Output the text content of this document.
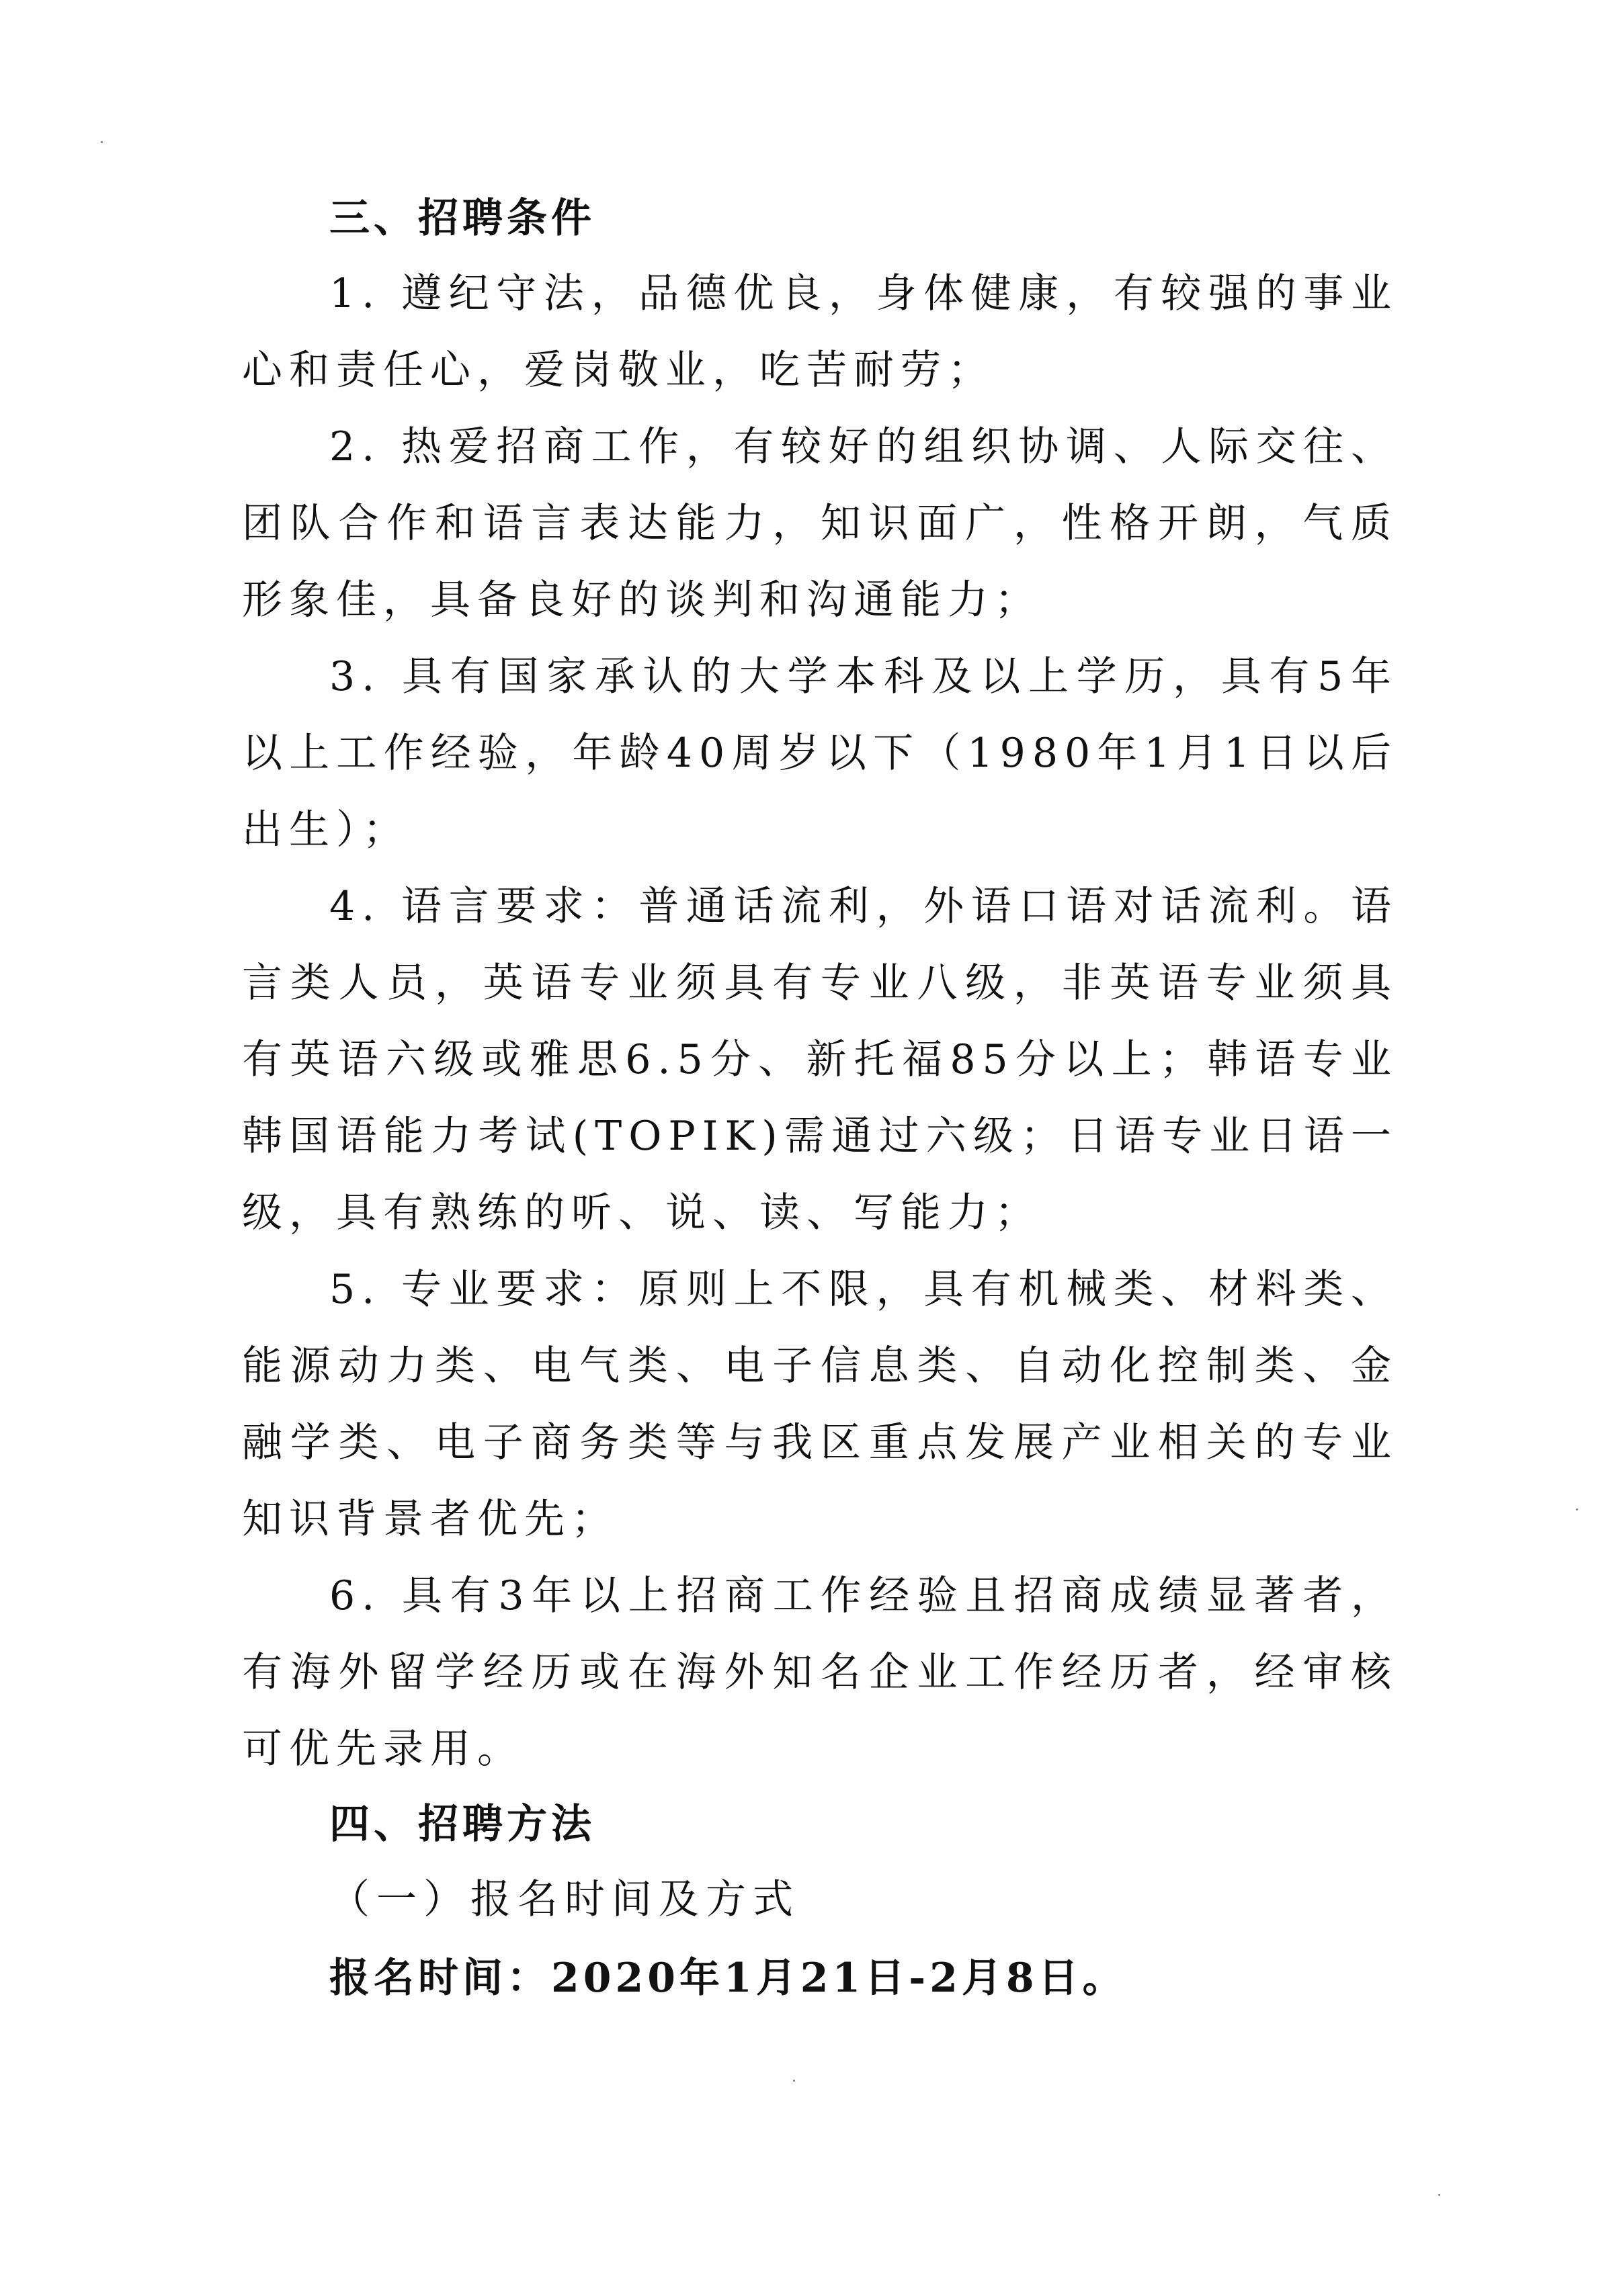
三、招聘条件

1. 遵纪守法，品德优良，身体健康，有较强的事业心和责任心，爱岗敬业，吃苦耐劳；

2. 热爱招商工作，有较好的组织协调、人际交往、团队合作和语言表达能力，知识面广，性格开朗，气质形象佳，具备良好的谈判和沟通能力；

3. 具有国家承认的大学本科及以上学历，具有5年以上工作经验，年龄40周岁以下（1980年1月1日以后出生）；

4. 语言要求：普通话流利，外语口语对话流利。语言类人员，英语专业须具有专业八级，非英语专业须具有英语六级或雅思6.5分、新托福85分以上；韩语专业韩国语能力考试(TOPIK)需通过六级；日语专业日语一级，具有熟练的听、说、读、写能力；

5. 专业要求：原则上不限，具有机械类、材料类、能源动力类、电气类、电子信息类、自动化控制类、金融学类、电子商务类等与我区重点发展产业相关的专业知识背景者优先；

6. 具有3年以上招商工作经验且招商成绩显著者，有海外留学经历或在海外知名企业工作经历者，经审核可优先录用。

四、招聘方法

（一）报名时间及方式

报名时间：2020年1月21日-2月8日。
